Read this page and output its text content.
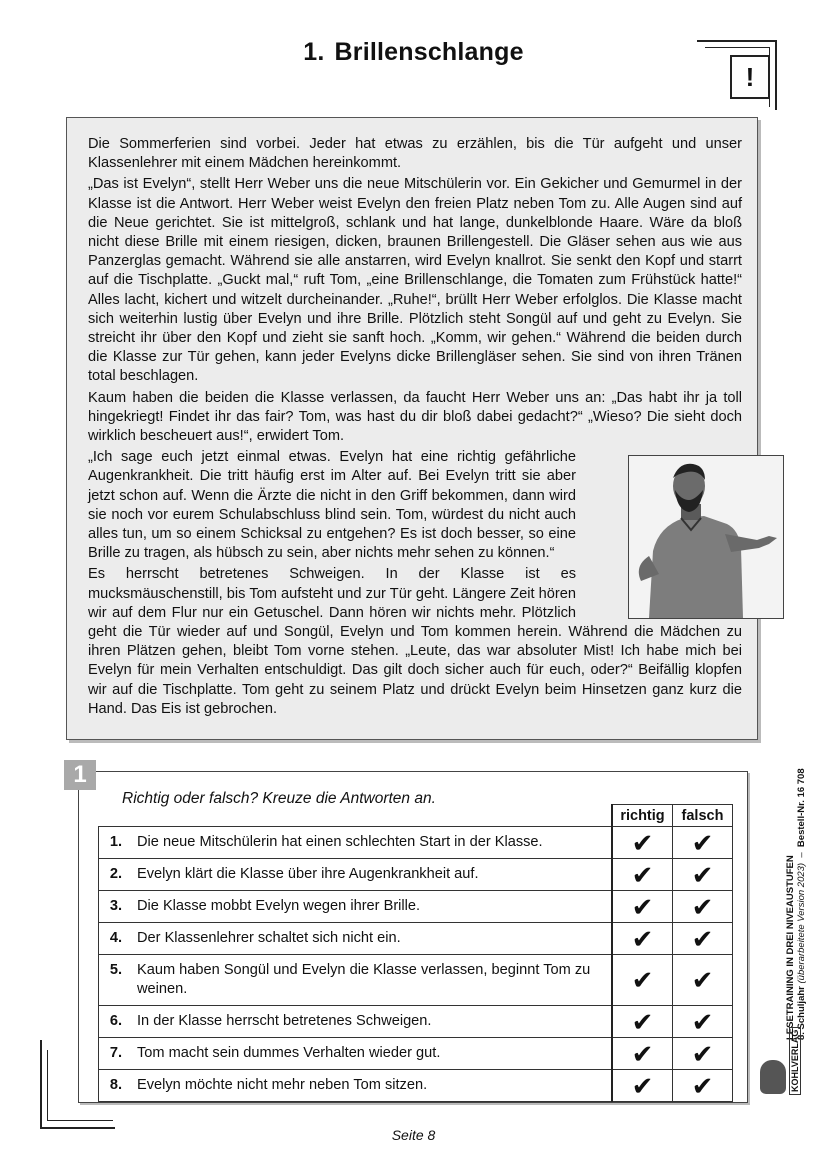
1. Brillenschlange
!

Die Sommerferien sind vorbei. Jeder hat etwas zu erzählen, bis die Tür aufgeht und unser Klassenlehrer mit einem Mädchen hereinkommt.

„Das ist Evelyn“, stellt Herr Weber uns die neue Mitschülerin vor. Ein Gekicher und Gemurmel in der Klasse ist die Antwort. Herr Weber weist Evelyn den freien Platz neben Tom zu. Alle Augen sind auf die Neue gerichtet. Sie ist mittelgroß, schlank und hat lange, dunkelblonde Haare. Wäre da bloß nicht diese Brille mit einem riesigen, dicken, braunen Brillengestell. Die Gläser sehen aus wie aus Panzerglas gemacht. Während sie alle anstarren, wird Evelyn knallrot. Sie senkt den Kopf und starrt auf die Tischplatte. „Guckt mal,“ ruft Tom, „eine Brillenschlange, die Tomaten zum Frühstück hatte!“ Alles lacht, kichert und witzelt durcheinander. „Ruhe!“, brüllt Herr Weber erfolglos. Die Klasse macht sich weiterhin lustig über Evelyn und ihre Brille. Plötzlich steht Songül auf und geht zu Evelyn. Sie streicht ihr über den Kopf und zieht sie sanft hoch. „Komm, wir gehen.“ Während die beiden durch die Klasse zur Tür gehen, kann jeder Evelyns dicke Brillengläser sehen. Sie sind von ihren Tränen total beschlagen.

Kaum haben die beiden die Klasse verlassen, da faucht Herr Weber uns an: „Das habt ihr ja toll hingekriegt! Findet ihr das fair? Tom, was hast du dir bloß dabei gedacht?“ „Wieso? Die sieht doch wirklich bescheuert aus!“, erwidert Tom.

„Ich sage euch jetzt einmal etwas. Evelyn hat eine richtig gefährliche Augenkrankheit. Die tritt häufig erst im Alter auf. Bei Evelyn tritt sie aber jetzt schon auf. Wenn die Ärzte die nicht in den Griff bekommen, dann wird sie noch vor eurem Schulabschluss blind sein. Tom, würdest du nicht auch alles tun, um so einem Schicksal zu entgehen? Es ist doch besser, so eine Brille zu tragen, als hübsch zu sein, aber nichts mehr sehen zu können.“

Es herrscht betretenes Schweigen. In der Klasse ist es mucksmäuschenstill, bis Tom aufsteht und zur Tür geht. Längere Zeit hören wir auf dem Flur nur ein Getuschel. Dann hören wir nichts mehr. Plötzlich geht die Tür wieder auf und Songül, Evelyn und Tom kommen herein. Während die Mädchen zu ihren Plätzen gehen, bleibt Tom vorne stehen. „Leute, das war absoluter Mist! Ich habe mich bei Evelyn für mein Verhalten entschuldigt. Das gilt doch sicher auch für euch, oder?“ Beifällig klopfen wir auf die Tischplatte. Tom geht zu seinem Platz und drückt Evelyn beim Hinsetzen ganz kurz die Hand. Das Eis ist gebrochen.

1
Richtig oder falsch? Kreuze die Antworten an.
		richtig	falsch
1.	Die neue Mitschülerin hat einen schlechten Start in der Klasse.	✔	✔
2.	Evelyn klärt die Klasse über ihre Augenkrankheit auf.	✔	✔
3.	Die Klasse mobbt Evelyn wegen ihrer Brille.	✔	✔
4.	Der Klassenlehrer schaltet sich nicht ein.	✔	✔
5.	Kaum haben Songül und Evelyn die Klasse verlassen, beginnt Tom zu weinen.	✔	✔
6.	In der Klasse herrscht betretenes Schweigen.	✔	✔
7.	Tom macht sein dummes Verhalten wieder gut.	✔	✔
8.	Evelyn möchte nicht mehr neben Tom sitzen.	✔	✔
LESETRAINING IN DREI NIVEAUSTUFEN 8. Schuljahr (überarbeitete Version 2023)  –  Bestell-Nr. 16 708
KOHLVERLAG
Seite 8
